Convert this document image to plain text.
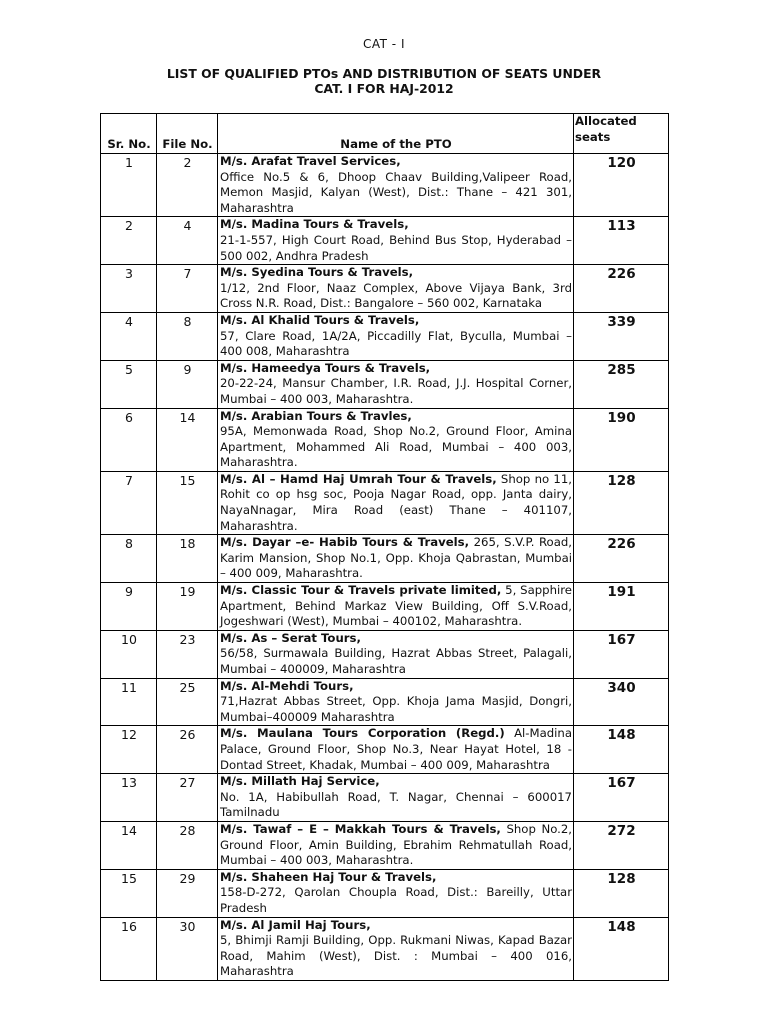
CAT - I
LIST OF QUALIFIED PTOs AND DISTRIBUTION OF SEATS UNDER
CAT. I FOR HAJ-2012
Sr. No.	File No.	Name of the PTO	Allocated seats
1	2	M/s. Arafat Travel Services,
Office No.5 & 6, Dhoop Chaav Building,Valipeer Road, Memon Masjid, Kalyan (West), Dist.: Thane – 421 301, Maharashtra	120
2	4	M/s. Madina Tours & Travels,
21-1-557, High Court Road, Behind Bus Stop, Hyderabad – 500 002, Andhra Pradesh	113
3	7	M/s. Syedina Tours & Travels,
1/12, 2nd Floor, Naaz Complex, Above Vijaya Bank, 3rd Cross N.R. Road, Dist.: Bangalore – 560 002, Karnataka	226
4	8	M/s. Al Khalid Tours & Travels,
57, Clare Road, 1A/2A, Piccadilly Flat, Byculla, Mumbai – 400 008, Maharashtra	339
5	9	M/s. Hameedya Tours & Travels,
20-22-24, Mansur Chamber, I.R. Road, J.J. Hospital Corner, Mumbai – 400 003, Maharashtra.	285
6	14	M/s. Arabian Tours & Travles,
95A, Memonwada Road, Shop No.2, Ground Floor, Amina Apartment, Mohammed Ali Road, Mumbai – 400 003, Maharashtra.	190
7	15	M/s. Al – Hamd Haj Umrah Tour & Travels, Shop no 11, Rohit co op hsg soc, Pooja Nagar Road, opp. Janta dairy, NayaNnagar, Mira Road (east) Thane – 401107, Maharashtra.	128
8	18	M/s. Dayar –e- Habib Tours & Travels, 265, S.V.P. Road, Karim Mansion, Shop No.1, Opp. Khoja Qabrastan, Mumbai – 400 009, Maharashtra.	226
9	19	M/s. Classic Tour & Travels private limited, 5, Sapphire Apartment, Behind Markaz View Building, Off S.V.Road, Jogeshwari (West), Mumbai – 400102, Maharashtra.	191
10	23	M/s. As – Serat Tours,
56/58, Surmawala Building, Hazrat Abbas Street, Palagali, Mumbai – 400009, Maharashtra	167
11	25	M/s. Al-Mehdi Tours,
71,Hazrat Abbas Street, Opp. Khoja Jama Masjid, Dongri, Mumbai–400009 Maharashtra	340
12	26	M/s. Maulana Tours Corporation (Regd.) Al-Madina Palace, Ground Floor, Shop No.3, Near Hayat Hotel, 18 - Dontad Street, Khadak, Mumbai – 400 009, Maharashtra	148
13	27	M/s. Millath Haj Service,
No. 1A, Habibullah Road, T. Nagar, Chennai – 600017 Tamilnadu	167
14	28	M/s. Tawaf – E – Makkah Tours & Travels, Shop No.2, Ground Floor, Amin Building, Ebrahim Rehmatullah Road, Mumbai – 400 003, Maharashtra.	272
15	29	M/s. Shaheen Haj Tour & Travels,
158-D-272, Qarolan Choupla Road, Dist.: Bareilly, Uttar Pradesh	128
16	30	M/s. Al Jamil Haj Tours,
5, Bhimji Ramji Building, Opp. Rukmani Niwas, Kapad Bazar Road, Mahim (West), Dist. : Mumbai – 400 016, Maharashtra	148
